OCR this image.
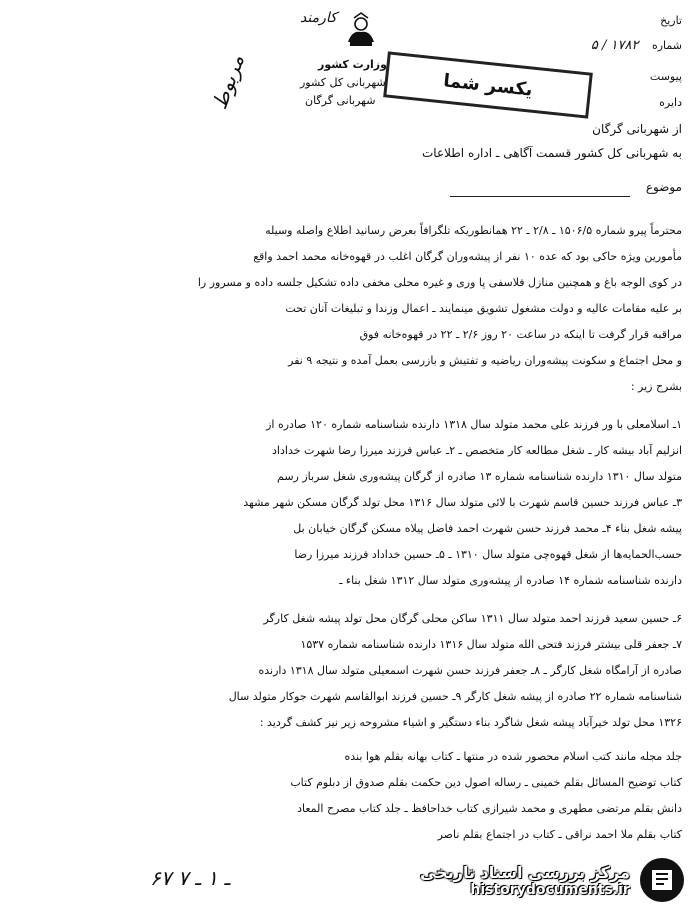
کارمند	تاریخ
شماره ۱۷۸۲ / ۵
پیوست
دایره
وزارت کشور
شهربانی کل کشور
شهربانی گرگان
مربوط	یکسر شما
از شهربانی گرگان
به شهربانی کل کشور قسمت آگاهی ـ اداره اطلاعات
موضوع
محترماً پیرو شماره ۱۵۰۶/۵ ـ ۲/۸ ـ ۲۲ همانطوریکه تلگرافاً بعرض رسانید اطلاع واصله وسیله
مأمورین ویژه حاکی بود که عده ۱۰ نفر از پیشه‌وران گرگان اغلب در قهوه‌خانه محمد احمد واقع
در کوی الوجه باغ و همچنین منازل فلاسفی پا وری و غیره محلی مخفی داده تشکیل جلسه داده و مسرور را
بر علیه مقامات عالیه و دولت مشغول تشویق مینمایند ـ اعمال وزندا و تبلیغات آنان تحت
مراقبه قرار گرفت تا اینکه در ساعت ۲۰ روز ۲/۶ ـ ۲۲ در قهوه‌خانه فوق
و محل اجتماع و سکونت پیشه‌وران ریاضیه و تفتیش و بازرسی بعمل آمده و نتیجه ۹ نفر
بشرح زیر :
۱ـ اسلامعلی با ور فرزند علی محمد متولد سال ۱۳۱۸ دارنده شناسنامه شماره ۱۲۰ صادره از
انزلیم آباد بیشه کار ـ شغل مطالعه کار متخصص ـ ۲ـ عباس فرزند میرزا رضا شهرت خداداد
متولد سال ۱۳۱۰ دارنده شناسنامه شماره ۱۳ صادره از گرگان پیشه‌وری شغل سرباز رسم
۳ـ عباس فرزند حسین قاسم شهرت با لائی متولد سال ۱۳۱۶ محل تولد گرگان مسکن شهر مشهد
پیشه شغل بناء ۴ـ محمد فرزند حسن شهرت احمد فاضل پیلاه مسکن گرگان خیابان بل
حسب‌الحمایه‌ها از شغل قهوه‌چی متولد سال ۱۳۱۰ ـ ۵ـ حسین خداداد فرزند میرزا رضا
دارنده شناسنامه شماره ۱۴ صادره از پیشه‌وری متولد سال ۱۳۱۲ شغل بناء ـ
۶ـ حسین سعید فرزند احمد متولد سال ۱۳۱۱ ساکن محلی گرگان محل تولد پیشه شغل کارگر
۷ـ جعفر قلی بیشتر فرزند فتحی الله متولد سال ۱۳۱۶ دارنده شناسنامه شماره ۱۵۳۷
صادره از آرامگاه شغل کارگر ـ ۸ـ جعفر فرزند حسن شهرت اسمعیلی متولد سال ۱۳۱۸ دارنده
شناسنامه شماره ۲۲ صادره از پیشه شغل کارگر ۹ـ حسین فرزند ابوالقاسم شهرت جوکار متولد سال
۱۳۲۶ محل تولد خیرآباد پیشه شغل شاگرد بناء دستگیر و اشیاء مشروحه زیر نیز کشف گردید :
جلد مجله مانند کتب اسلام محصور شده در منتها ـ کتاب بهانه بقلم هوا بنده
کتاب توضیح المسائل بقلم خمینی ـ رساله اصول دین حکمت بقلم صدوق از دبلوم کتاب
دانش بقلم مرتضی مطهری و محمد شیرازی کتاب خداحافظ ـ جلد کتاب مصرح المعاد
کتاب بقلم ملا احمد نراقی ـ کتاب در اجتماع بقلم ناصر
۶۷ ـ ۱ ـ ۷	مرکز بررسی اسناد تاریخی
historydocuments.ir
